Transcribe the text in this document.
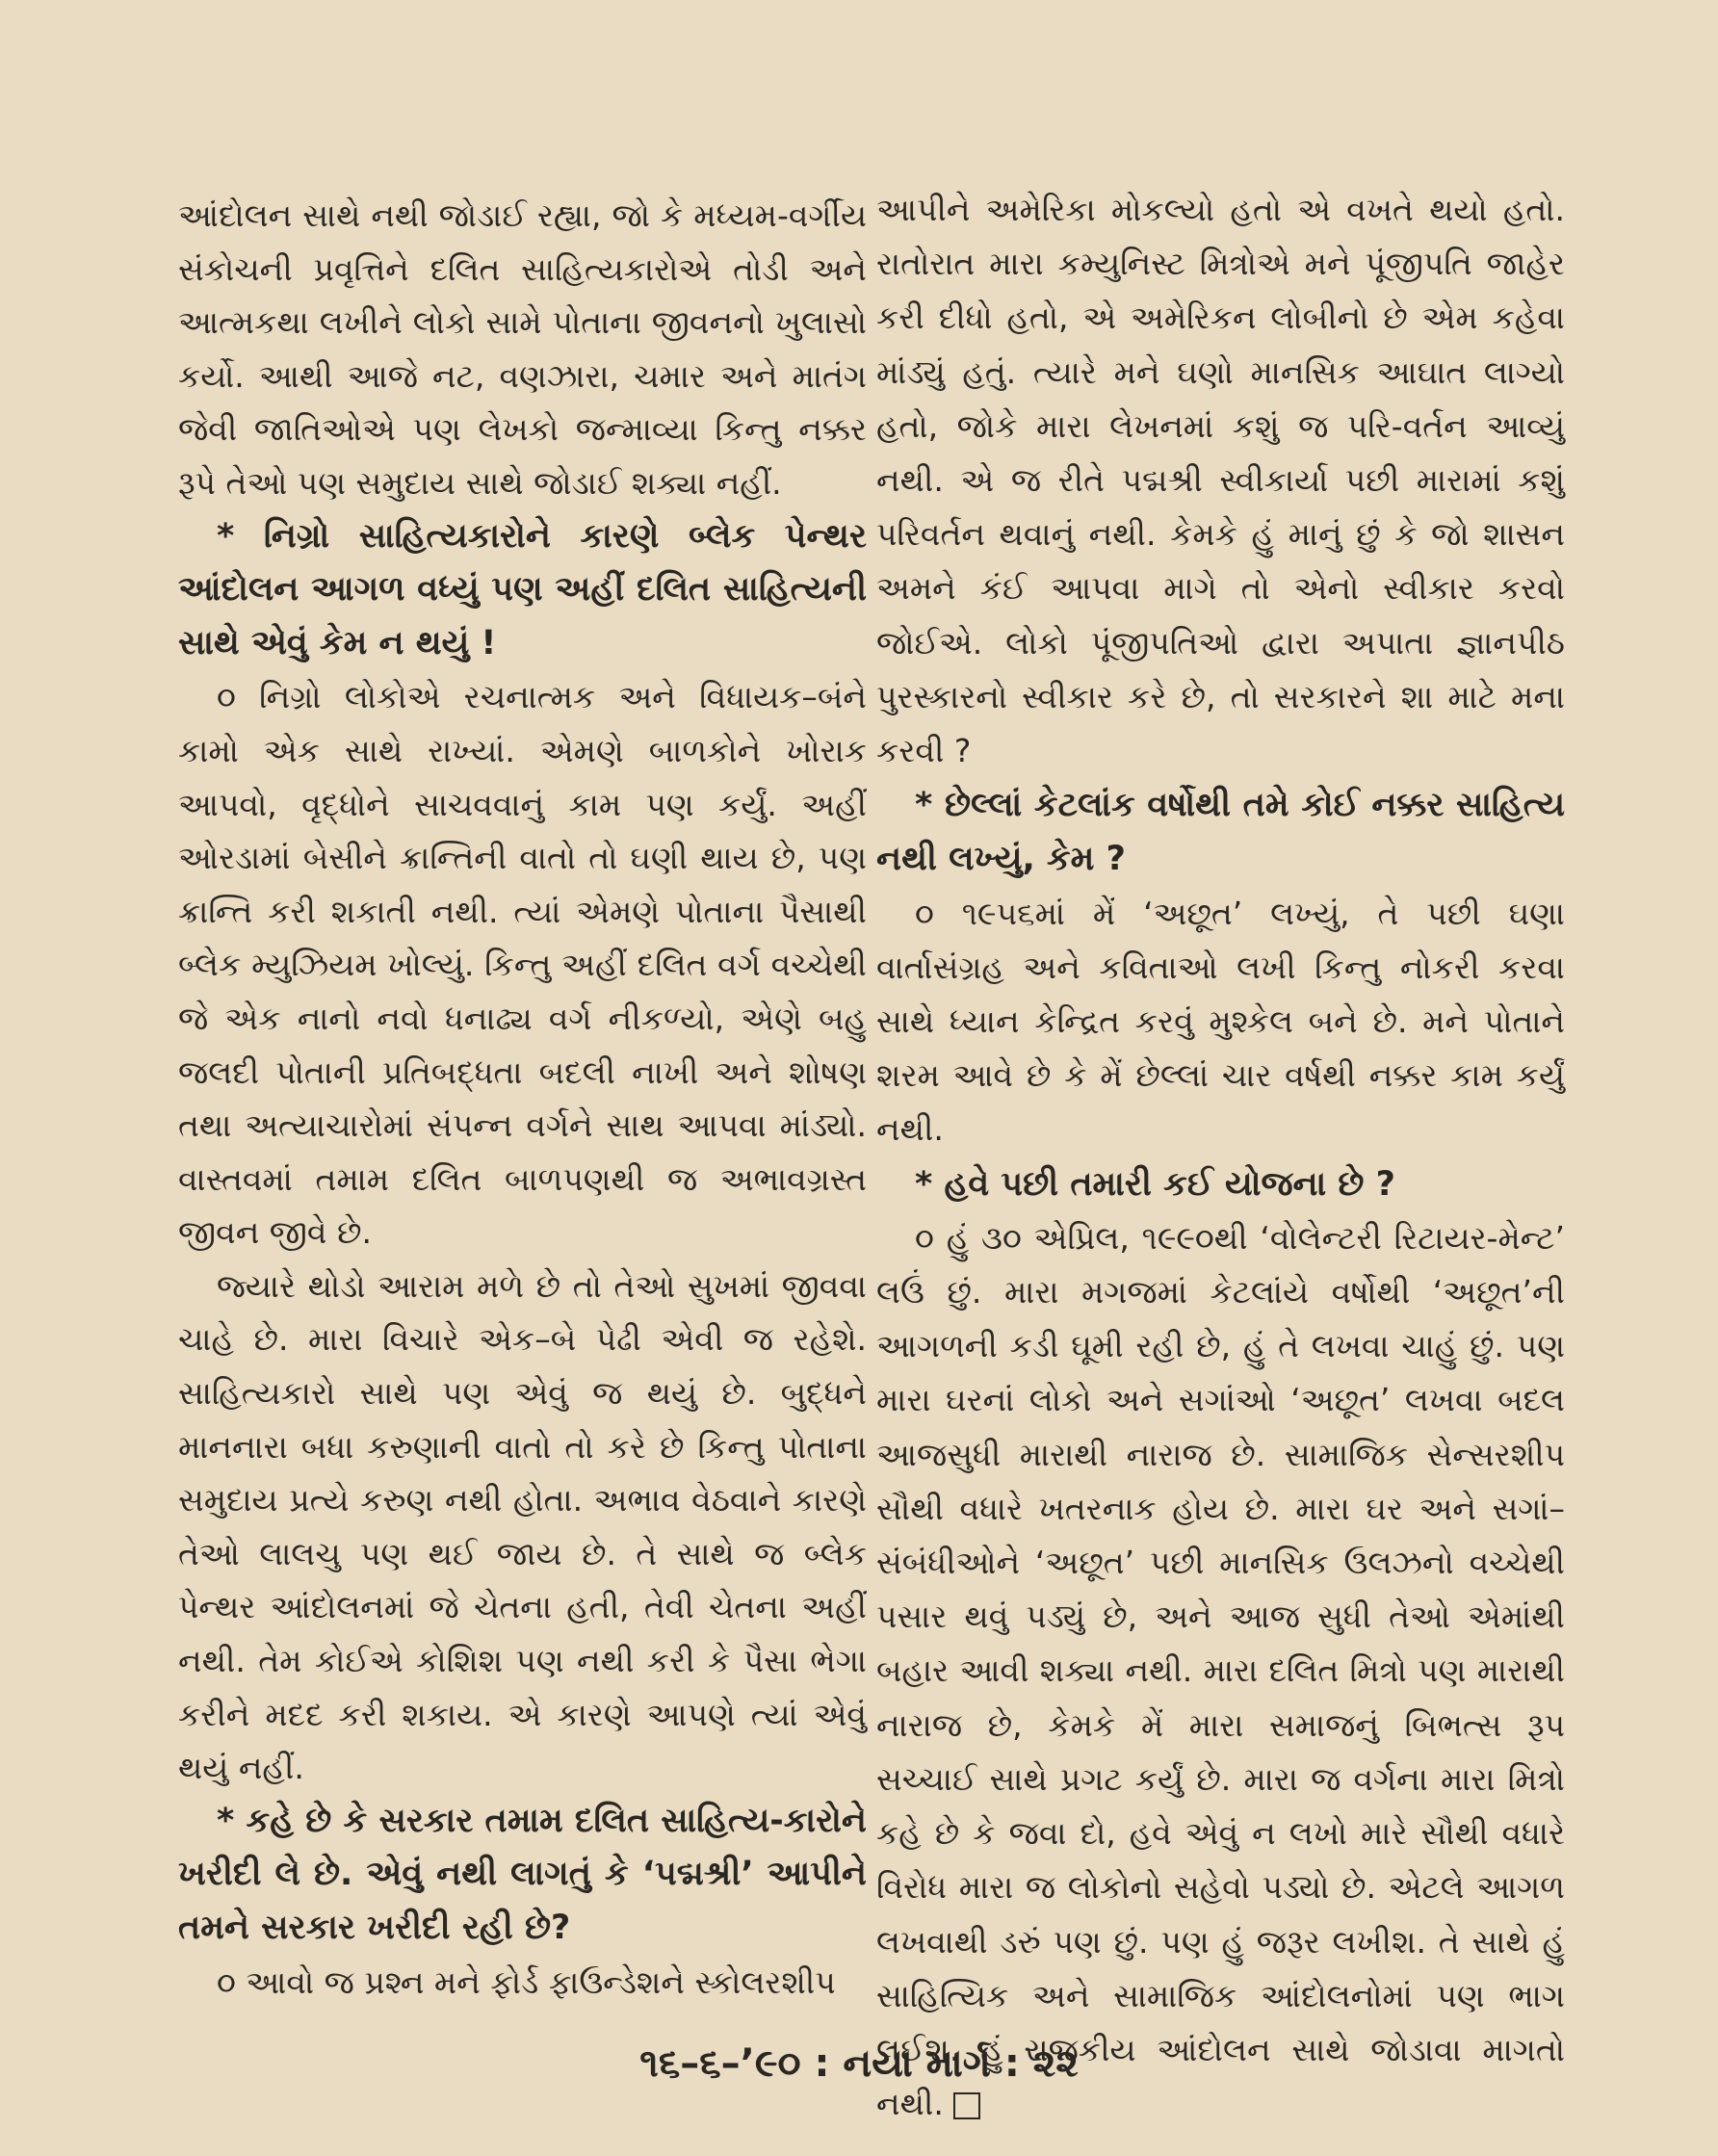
આંદોલન સાથે નથી જોડાઈ રહ્યા, જો કે મધ્યમ-વર્ગીય સંકોચની પ્રવૃત્તિને દલિત સાહિત્યકારોએ તોડી અને આત્મકથા લખીને લોકો સામે પોતાના જીવનનો ખુલાસો કર્યો. આથી આજે નટ, વણઝારા, ચમાર અને માતંગ જેવી જાતિઓએ પણ લેખકો જન્માવ્યા કિન્તુ નક્કર રૂપે તેઓ પણ સમુદાય સાથે જોડાઈ શક્યા નહીં.

* નિગ્રો સાહિત્યકારોને કારણે બ્લેક પેન્થર આંદોલન આગળ વધ્યું પણ અહીં દલિત સાહિત્યની સાથે એવું કેમ ન થયું !

૦ નિગ્રો લોકોએ રચનાત્મક અને વિધાયક–બંને કામો એક સાથે રાખ્યાં. એમણે બાળકોને ખોરાક આપવો, વૃદ્ધોને સાચવવાનું કામ પણ કર્યું. અહીં ઓરડામાં બેસીને ક્રાન્તિની વાતો તો ઘણી થાય છે, પણ ક્રાન્તિ કરી શકાતી નથી. ત્યાં એમણે પોતાના પૈસાથી બ્લેક મ્યુઝિયમ ખોલ્યું. કિન્તુ અહીં દલિત વર્ગ વચ્ચેથી જે એક નાનો નવો ધનાઢ્ય વર્ગ નીકળ્યો, એણે બહુ જલદી પોતાની પ્રતિબદ્ધતા બદલી નાખી અને શોષણ તથા અત્યાચારોમાં સંપન્ન વર્ગને સાથ આપવા માંડ્યો. વાસ્તવમાં તમામ દલિત બાળપણથી જ અભાવગ્રસ્ત જીવન જીવે છે.

જ્યારે થોડો આરામ મળે છે તો તેઓ સુખમાં જીવવા ચાહે છે. મારા વિચારે એક–બે પેઢી એવી જ રહેશે. સાહિત્યકારો સાથે પણ એવું જ થયું છે. બુદ્ધને માનનારા બધા કરુણાની વાતો તો કરે છે કિન્તુ પોતાના સમુદાય પ્રત્યે કરુણ નથી હોતા. અભાવ વેઠવાને કારણે તેઓ લાલચુ પણ થઈ જાય છે. તે સાથે જ બ્લેક પેન્થર આંદોલનમાં જે ચેતના હતી, તેવી ચેતના અહીં નથી. તેમ કોઈએ કોશિશ પણ નથી કરી કે પૈસા ભેગા કરીને મદદ કરી શકાય. એ કારણે આપણે ત્યાં એવું થયું નહીં.

* કહે છે કે સરકાર તમામ દલિત સાહિત્ય-કારોને ખરીદી લે છે. એવું નથી લાગતું કે ‘પદ્મશ્રી’ આપીને તમને સરકાર ખરીદી રહી છે?

૦ આવો જ પ્રશ્ન મને ફોર્ડ ફાઉન્ડેશને સ્કોલરશીપ

આપીને અમેરિકા મોકલ્યો હતો એ વખતે થયો હતો. રાતોરાત મારા કમ્યુનિસ્ટ મિત્રોએ મને પૂંજીપતિ જાહેર કરી દીધો હતો, એ અમેરિકન લોબીનો છે એમ કહેવા માંડ્યું હતું. ત્યારે મને ઘણો માનસિક આઘાત લાગ્યો હતો, જોકે મારા લેખનમાં કશું જ પરિ-વર્તન આવ્યું નથી. એ જ રીતે પદ્મશ્રી સ્વીકાર્યા પછી મારામાં કશું પરિવર્તન થવાનું નથી. કેમકે હું માનું છું કે જો શાસન અમને કંઈ આપવા માગે તો એનો સ્વીકાર કરવો જોઈએ. લોકો પૂંજીપતિઓ દ્વારા અપાતા જ્ઞાનપીઠ પુરસ્કારનો સ્વીકાર કરે છે, તો સરકારને શા માટે મના કરવી ?

* છેલ્લાં કેટલાંક વર્ષોથી તમે કોઈ નક્કર સાહિત્ય નથી લખ્યું, કેમ ?

૦ ૧૯૫૬માં મેં ‘અછૂત’ લખ્યું, તે પછી ઘણા વાર્તાસંગ્રહ અને કવિતાઓ લખી કિન્તુ નોકરી કરવા સાથે ધ્યાન કેન્દ્રિત કરવું મુશ્કેલ બને છે. મને પોતાને શરમ આવે છે કે મેં છેલ્લાં ચાર વર્ષથી નક્કર કામ કર્યું નથી.

* હવે પછી તમારી કઈ યોજના છે ?

૦ હું ૩૦ એપ્રિલ, ૧૯૯૦થી ‘વોલેન્ટરી રિટાયર-મેન્ટ’ લઉં છું. મારા મગજમાં કેટલાંયે વર્ષોથી ‘અછૂત’ની આગળની કડી ઘૂમી રહી છે, હું તે લખવા ચાહું છું. પણ મારા ઘરનાં લોકો અને સગાંઓ ‘અછૂત’ લખવા બદલ આજસુધી મારાથી નારાજ છે. સામાજિક સેન્સરશીપ સૌથી વધારે ખતરનાક હોય છે. મારા ઘર અને સગાં–સંબંધીઓને ‘અછૂત’ પછી માનસિક ઉલઝનો વચ્ચેથી પસાર થવું પડ્યું છે, અને આજ સુધી તેઓ એમાંથી બહાર આવી શક્યા નથી. મારા દલિત મિત્રો પણ મારાથી નારાજ છે, કેમકે મેં મારા સમાજનું બિભત્સ રૂપ સચ્ચાઈ સાથે પ્રગટ કર્યું છે. મારા જ વર્ગના મારા મિત્રો કહે છે કે જવા દો, હવે એવું ન લખો મારે સૌથી વધારે વિરોધ મારા જ લોકોનો સહેવો પડ્યો છે. એટલે આગળ લખવાથી ડરું પણ છું. પણ હું જરૂર લખીશ. તે સાથે હું સાહિત્યિક અને સામાજિક આંદોલનોમાં પણ ભાગ લઈશ. હું રાજકીય આંદોલન સાથે જોડાવા માગતો નથી.

૧૬–૬–’૯૦ : નયા માર્ગ : ૨૨
